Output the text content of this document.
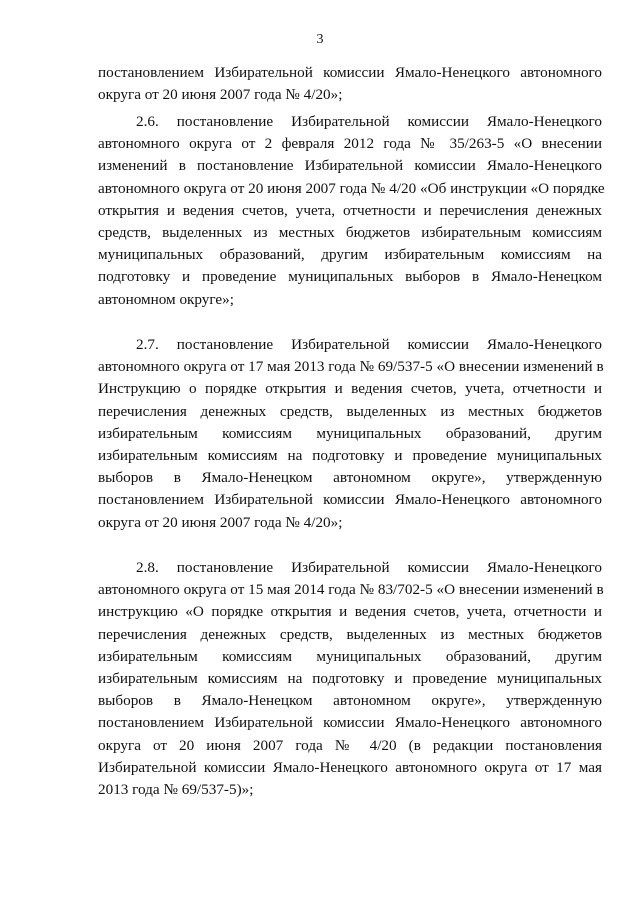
3
постановлением Избирательной комиссии Ямало-Ненецкого автономного
округа от 20 июня 2007 года № 4/20»;
2.6. постановление Избирательной комиссии Ямало-Ненецкого
автономного округа от 2 февраля 2012 года № 35/263-5 «О внесении
изменений в постановление Избирательной комиссии Ямало-Ненецкого
автономного округа от 20 июня 2007 года № 4/20 «Об инструкции «О порядке
открытия и ведения счетов, учета, отчетности и перечисления денежных
средств, выделенных из местных бюджетов избирательным комиссиям
муниципальных образований, другим избирательным комиссиям на
подготовку и проведение муниципальных выборов в Ямало-Ненецком
автономном округе»;
2.7. постановление Избирательной комиссии Ямало-Ненецкого
автономного округа от 17 мая 2013 года № 69/537-5 «О внесении изменений в
Инструкцию о порядке открытия и ведения счетов, учета, отчетности и
перечисления денежных средств, выделенных из местных бюджетов
избирательным комиссиям муниципальных образований, другим
избирательным комиссиям на подготовку и проведение муниципальных
выборов в Ямало-Ненецком автономном округе», утвержденную
постановлением Избирательной комиссии Ямало-Ненецкого автономного
округа от 20 июня 2007 года № 4/20»;
2.8. постановление Избирательной комиссии Ямало-Ненецкого
автономного округа от 15 мая 2014 года № 83/702-5 «О внесении изменений в
инструкцию «О порядке открытия и ведения счетов, учета, отчетности и
перечисления денежных средств, выделенных из местных бюджетов
избирательным комиссиям муниципальных образований, другим
избирательным комиссиям на подготовку и проведение муниципальных
выборов в Ямало-Ненецком автономном округе», утвержденную
постановлением Избирательной комиссии Ямало-Ненецкого автономного
округа от 20 июня 2007 года № 4/20 (в редакции постановления
Избирательной комиссии Ямало-Ненецкого автономного округа от 17 мая
2013 года № 69/537-5)»;
